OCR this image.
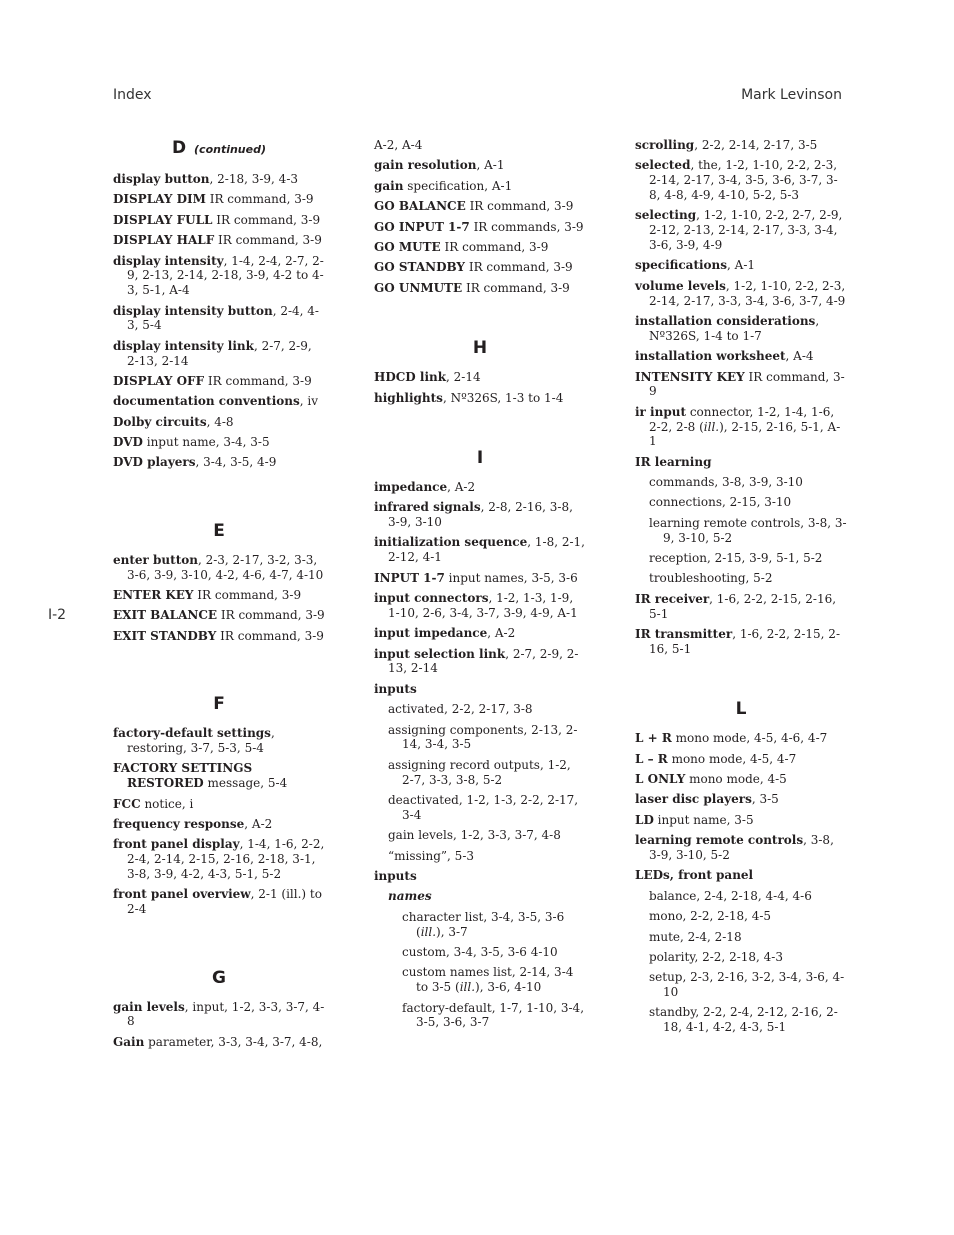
Index	Mark Levinson
I-2
D (continued)
display button, 2-18, 3-9, 4-3
DISPLAY DIM IR command, 3-9
DISPLAY FULL IR command, 3-9
DISPLAY HALF IR command, 3-9
display intensity, 1-4, 2-4, 2-7, 2-9, 2-13, 2-14, 2-18, 3-9, 4-2 to 4-3, 5-1, A-4
display intensity button, 2-4, 4-3, 5-4
display intensity link, 2-7, 2-9, 2-13, 2-14
DISPLAY OFF IR command, 3-9
documentation conventions, iv
Dolby circuits, 4-8
DVD input name, 3-4, 3-5
DVD players, 3-4, 3-5, 4-9
E
enter button, 2-3, 2-17, 3-2, 3-3, 3-6, 3-9, 3-10, 4-2, 4-6, 4-7, 4-10
ENTER KEY IR command, 3-9
EXIT BALANCE IR command, 3-9
EXIT STANDBY IR command, 3-9
F
factory-default settings, restoring, 3-7, 5-3, 5-4
FACTORY SETTINGS RESTORED message, 5-4
FCC notice, i
frequency response, A-2
front panel display, 1-4, 1-6, 2-2, 2-4, 2-14, 2-15, 2-16, 2-18, 3-1, 3-8, 3-9, 4-2, 4-3, 5-1, 5-2
front panel overview, 2-1 (ill.) to 2-4
G
gain levels, input, 1-2, 3-3, 3-7, 4-8
Gain parameter, 3-3, 3-4, 3-7, 4-8,
A-2, A-4
gain resolution, A-1
gain specification, A-1
GO BALANCE IR command, 3-9
GO INPUT 1-7 IR commands, 3-9
GO MUTE IR command, 3-9
GO STANDBY IR command, 3-9
GO UNMUTE IR command, 3-9
H
HDCD link, 2-14
highlights, Nº326S, 1-3 to 1-4
I
impedance, A-2
infrared signals, 2-8, 2-16, 3-8, 3-9, 3-10
initialization sequence, 1-8, 2-1, 2-12, 4-1
INPUT 1-7 input names, 3-5, 3-6
input connectors, 1-2, 1-3, 1-9, 1-10, 2-6, 3-4, 3-7, 3-9, 4-9, A-1
input impedance, A-2
input selection link, 2-7, 2-9, 2-13, 2-14
inputs
activated, 2-2, 2-17, 3-8
assigning components, 2-13, 2-14, 3-4, 3-5
assigning record outputs, 1-2, 2-7, 3-3, 3-8, 5-2
deactivated, 1-2, 1-3, 2-2, 2-17, 3-4
gain levels, 1-2, 3-3, 3-7, 4-8
“missing”, 5-3
inputs
names
character list, 3-4, 3-5, 3-6 (ill.), 3-7
custom, 3-4, 3-5, 3-6 4-10
custom names list, 2-14, 3-4 to 3-5 (ill.), 3-6, 4-10
factory-default, 1-7, 1-10, 3-4, 3-5, 3-6, 3-7
scrolling, 2-2, 2-14, 2-17, 3-5
selected, the, 1-2, 1-10, 2-2, 2-3, 2-14, 2-17, 3-4, 3-5, 3-6, 3-7, 3-8, 4-8, 4-9, 4-10, 5-2, 5-3
selecting, 1-2, 1-10, 2-2, 2-7, 2-9, 2-12, 2-13, 2-14, 2-17, 3-3, 3-4, 3-6, 3-9, 4-9
specifications, A-1
volume levels, 1-2, 1-10, 2-2, 2-3, 2-14, 2-17, 3-3, 3-4, 3-6, 3-7, 4-9
installation considerations, Nº326S, 1-4 to 1-7
installation worksheet, A-4
INTENSITY KEY IR command, 3-9
ir input connector, 1-2, 1-4, 1-6, 2-2, 2-8 (ill.), 2-15, 2-16, 5-1, A-1
IR learning
commands, 3-8, 3-9, 3-10
connections, 2-15, 3-10
learning remote controls, 3-8, 3-9, 3-10, 5-2
reception, 2-15, 3-9, 5-1, 5-2
troubleshooting, 5-2
IR receiver, 1-6, 2-2, 2-15, 2-16, 5-1
IR transmitter, 1-6, 2-2, 2-15, 2-16, 5-1
L
L + R mono mode, 4-5, 4-6, 4-7
L – R mono mode, 4-5, 4-7
L ONLY mono mode, 4-5
laser disc players, 3-5
LD input name, 3-5
learning remote controls, 3-8, 3-9, 3-10, 5-2
LEDs, front panel
balance, 2-4, 2-18, 4-4, 4-6
mono, 2-2, 2-18, 4-5
mute, 2-4, 2-18
polarity, 2-2, 2-18, 4-3
setup, 2-3, 2-16, 3-2, 3-4, 3-6, 4-10
standby, 2-2, 2-4, 2-12, 2-16, 2-18, 4-1, 4-2, 4-3, 5-1
